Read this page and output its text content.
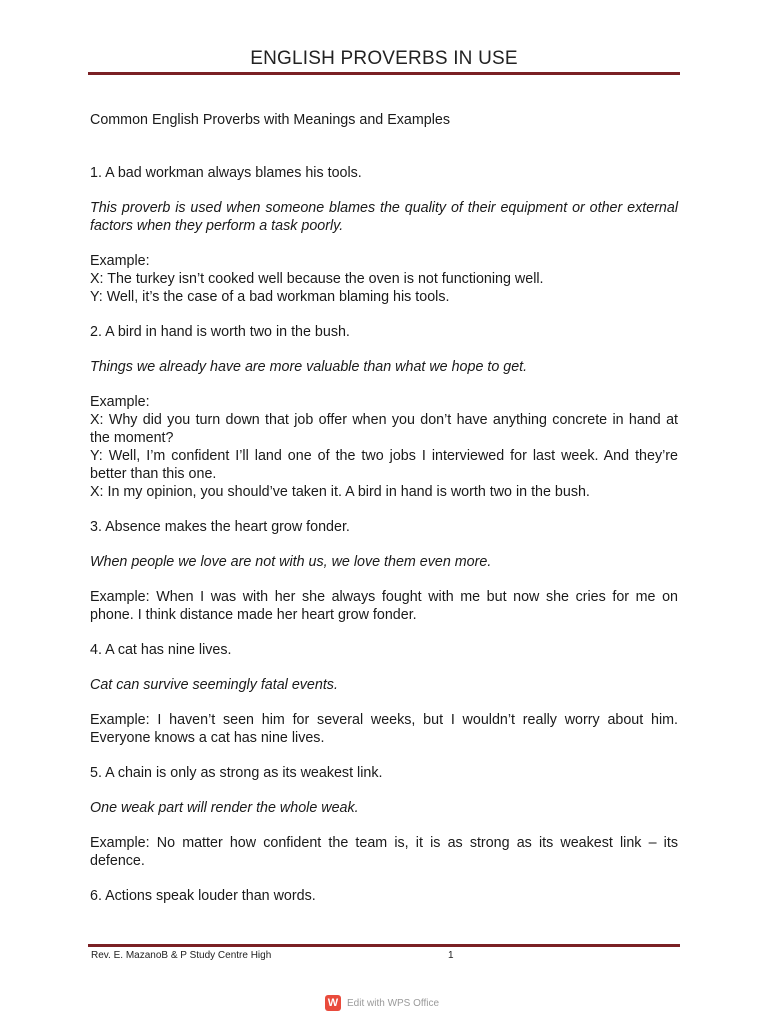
ENGLISH PROVERBS IN USE

Common English Proverbs with Meanings and Examples

1. A bad workman always blames his tools.

This proverb is used when someone blames the quality of their equipment or other external factors when they perform a task poorly.

Example:

X: The turkey isn’t cooked well because the oven is not functioning well.

Y: Well, it’s the case of a bad workman blaming his tools.

2. A bird in hand is worth two in the bush.

Things we already have are more valuable than what we hope to get.

Example:

X: Why did you turn down that job offer when you don’t have anything concrete in hand at the moment?

Y: Well, I’m confident I’ll land one of the two jobs I interviewed for last week. And they’re better than this one.

X: In my opinion, you should’ve taken it. A bird in hand is worth two in the bush.

3. Absence makes the heart grow fonder.

When people we love are not with us, we love them even more.

Example: When I was with her she always fought with me but now she cries for me on phone. I think distance made her heart grow fonder.

4. A cat has nine lives.

Cat can survive seemingly fatal events.

Example: I haven’t seen him for several weeks, but I wouldn’t really worry about him. Everyone knows a cat has nine lives.

5. A chain is only as strong as its weakest link.

One weak part will render the whole weak.

Example: No matter how confident the team is, it is as strong as its weakest link – its defence.

6. Actions speak louder than words.

Rev. E. MazanoB & P Study Centre High	1
W Edit with WPS Office
